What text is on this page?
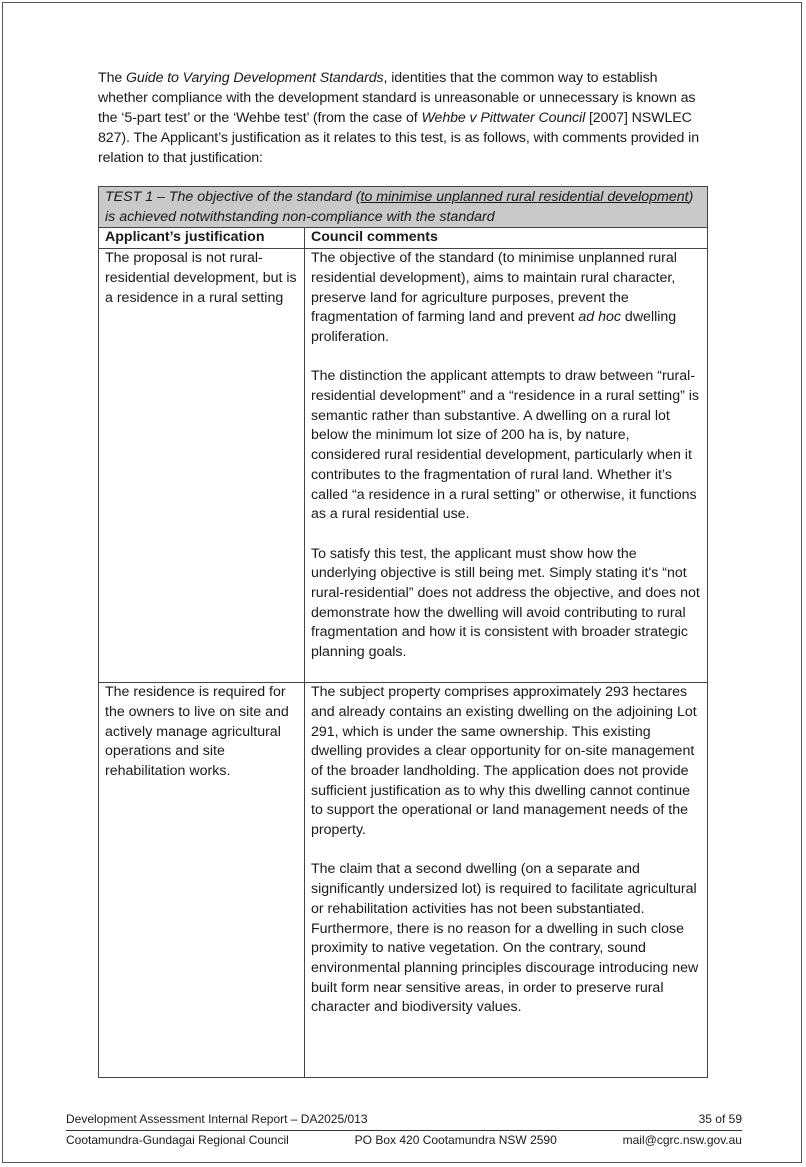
The Guide to Varying Development Standards, identities that the common way to establish whether compliance with the development standard is unreasonable or unnecessary is known as the ‘5-part test’ or the ‘Wehbe test’ (from the case of Wehbe v Pittwater Council [2007] NSWLEC 827). The Applicant’s justification as it relates to this test, is as follows, with comments provided in relation to that justification:

TEST 1 – The objective of the standard (to minimise unplanned rural residential development) is achieved notwithstanding non-compliance with the standard	
Applicant’s justification	Council comments
The proposal is not rural-residential development, but is a residence in a rural setting	The objective of the standard (to minimise unplanned rural residential development), aims to maintain rural character, preserve land for agriculture purposes, prevent the fragmentation of farming land and prevent ad hoc dwelling proliferation.

The distinction the applicant attempts to draw between “rural-residential development” and a “residence in a rural setting” is semantic rather than substantive. A dwelling on a rural lot below the minimum lot size of 200 ha is, by nature, considered rural residential development, particularly when it contributes to the fragmentation of rural land. Whether it’s called “a residence in a rural setting” or otherwise, it functions as a rural residential use.

To satisfy this test, the applicant must show how the underlying objective is still being met. Simply stating it's “not rural-residential” does not address the objective, and does not demonstrate how the dwelling will avoid contributing to rural fragmentation and how it is consistent with broader strategic planning goals.

The residence is required for the owners to live on site and actively manage agricultural operations and site rehabilitation works.	The subject property comprises approximately 293 hectares and already contains an existing dwelling on the adjoining Lot 291, which is under the same ownership. This existing dwelling provides a clear opportunity for on-site management of the broader landholding. The application does not provide sufficient justification as to why this dwelling cannot continue to support the operational or land management needs of the property.

The claim that a second dwelling (on a separate and significantly undersized lot) is required to facilitate agricultural or rehabilitation activities has not been substantiated. Furthermore, there is no reason for a dwelling in such close proximity to native vegetation. On the contrary, sound environmental planning principles discourage introducing new built form near sensitive areas, in order to preserve rural character and biodiversity values.

Development Assessment Internal Report – DA2025/013	35 of 59
Cootamundra-Gundagai Regional Council	PO Box 420 Cootamundra NSW 2590	mail@cgrc.nsw.gov.au
